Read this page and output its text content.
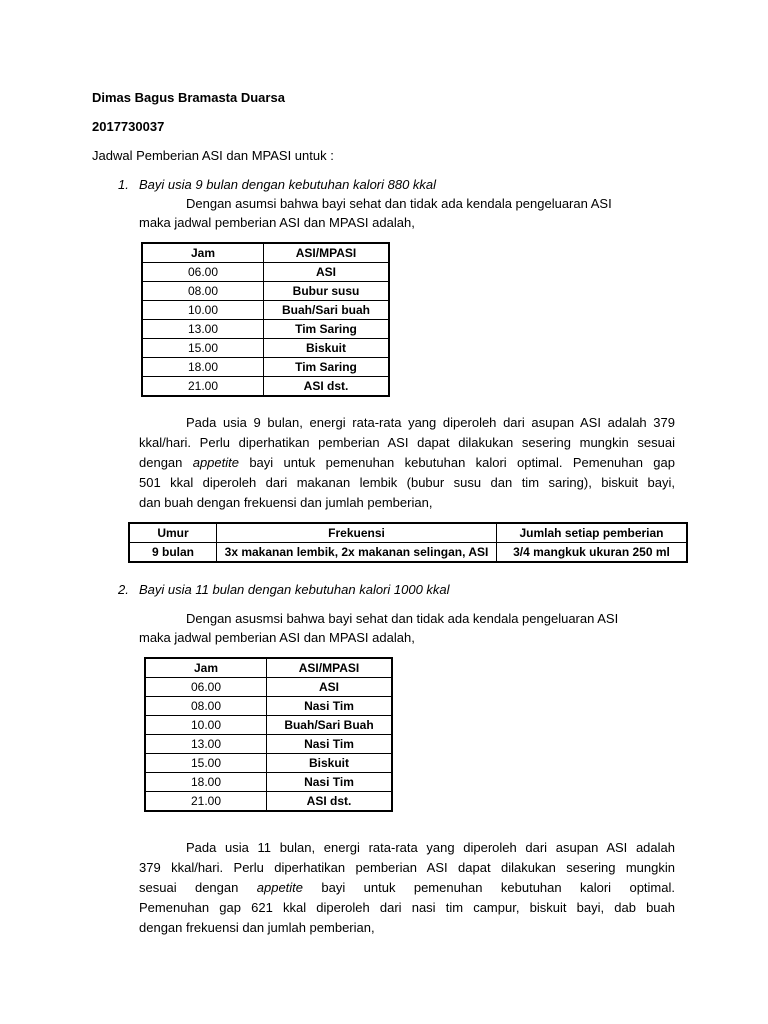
Dimas Bagus Bramasta Duarsa
2017730037
Jadwal Pemberian ASI dan MPASI untuk :
1. Bayi usia 9 bulan dengan kebutuhan kalori 880 kkal
Dengan asumsi bahwa bayi sehat dan tidak ada kendala pengeluaran ASI
maka jadwal pemberian ASI dan MPASI adalah,
Jam	ASI/MPASI
06.00	ASI
08.00	Bubur susu
10.00	Buah/Sari buah
13.00	Tim Saring
15.00	Biskuit
18.00	Tim Saring
21.00	ASI dst.
Pada usia 9 bulan, energi rata-rata yang diperoleh dari asupan ASI adalah 379
kkal/hari. Perlu diperhatikan pemberian ASI dapat dilakukan sesering mungkin sesuai
dengan appetite bayi untuk pemenuhan kebutuhan kalori optimal. Pemenuhan gap
501 kkal diperoleh dari makanan lembik (bubur susu dan tim saring), biskuit bayi,
dan buah dengan frekuensi dan jumlah pemberian,
Umur	Frekuensi	Jumlah setiap pemberian
9 bulan	3x makanan lembik, 2x makanan selingan, ASI	3/4 mangkuk ukuran 250 ml
2. Bayi usia 11 bulan dengan kebutuhan kalori 1000 kkal
Dengan asusmsi bahwa bayi sehat dan tidak ada kendala pengeluaran ASI
maka jadwal pemberian ASI dan MPASI adalah,
Jam	ASI/MPASI
06.00	ASI
08.00	Nasi Tim
10.00	Buah/Sari Buah
13.00	Nasi Tim
15.00	Biskuit
18.00	Nasi Tim
21.00	ASI dst.
Pada usia 11 bulan, energi rata-rata yang diperoleh dari asupan ASI adalah
379 kkal/hari. Perlu diperhatikan pemberian ASI dapat dilakukan sesering mungkin
sesuai dengan appetite bayi untuk pemenuhan kebutuhan kalori optimal.
Pemenuhan gap 621 kkal diperoleh dari nasi tim campur, biskuit bayi, dab buah
dengan frekuensi dan jumlah pemberian,
